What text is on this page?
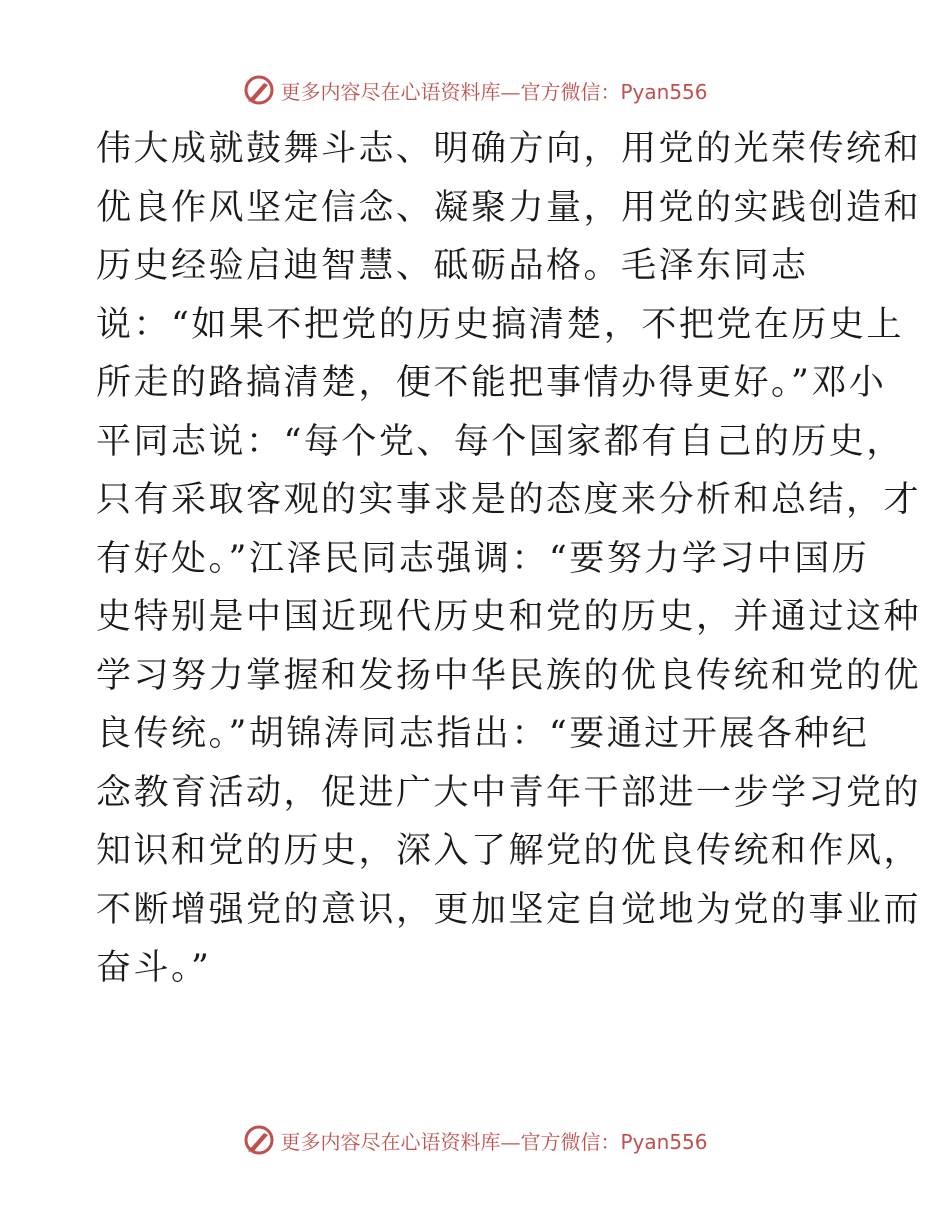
更多内容尽在心语资料库—官方微信：Pyan556
伟大成就鼓舞斗志、明确方向，用党的光荣传统和
优良作风坚定信念、凝聚力量，用党的实践创造和
历史经验启迪智慧、砥砺品格。毛泽东同志
说：“如果不把党的历史搞清楚，不把党在历史上
所走的路搞清楚，便不能把事情办得更好。”邓小
平同志说：“每个党、每个国家都有自己的历史，
只有采取客观的实事求是的态度来分析和总结，才
有好处。”江泽民同志强调：“要努力学习中国历
史特别是中国近现代历史和党的历史，并通过这种
学习努力掌握和发扬中华民族的优良传统和党的优
良传统。”胡锦涛同志指出：“要通过开展各种纪
念教育活动，促进广大中青年干部进一步学习党的
知识和党的历史，深入了解党的优良传统和作风，
不断增强党的意识，更加坚定自觉地为党的事业而
奋斗。”
更多内容尽在心语资料库—官方微信：Pyan556
